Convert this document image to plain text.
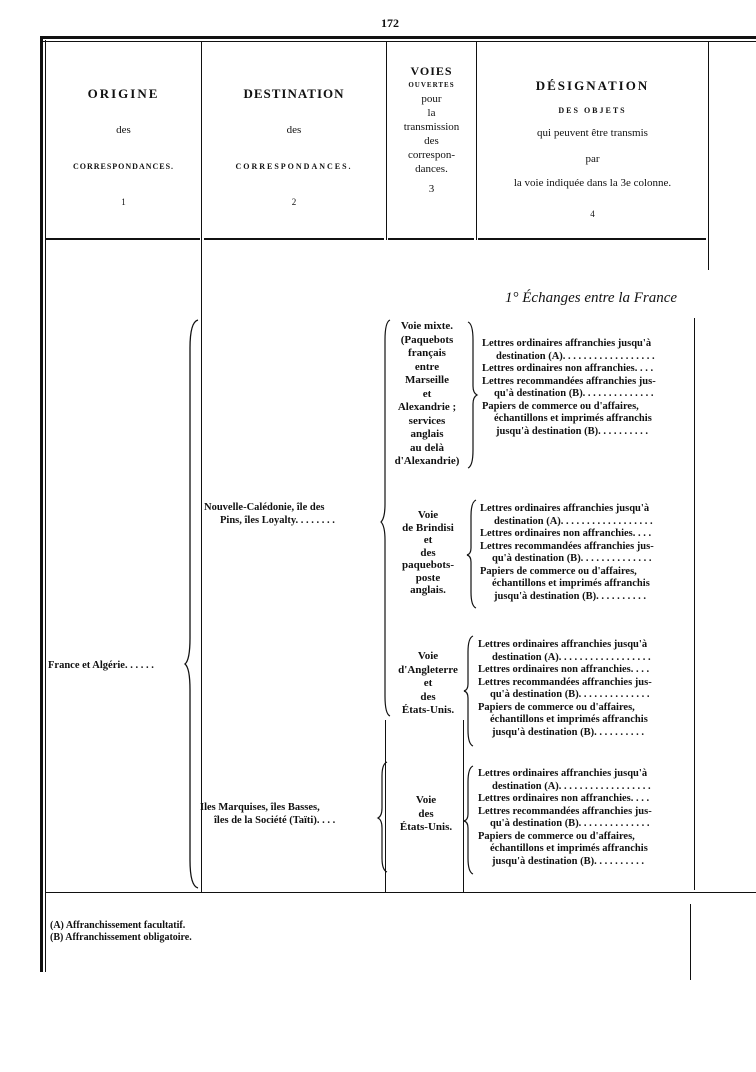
172
ORIGINE
des
CORRESPONDANCES.
1
DESTINATION
des
CORRESPONDANCES.
2
VOIES
OUVERTES
pour
la
transmission
des
correspon-
dances.
3
DÉSIGNATION
DES OBJETS
qui peuvent être transmis
par
la voie indiquée dans la 3e colonne.
4
1° Échanges entre la France
France et Algérie. . . . . .
Nouvelle-Calédonie, île des
Pins, îles Loyalty. . . . . . . .
Iles Marquises, îles Basses,
îles de la Société (Taïti). . . .
Voie mixte.
(Paquebots
français
entre
Marseille
et
Alexandrie ;
services
anglais
au delà
d'Alexandrie)
Voie
de Brindisi
et
des
paquebots-
poste
anglais.
Voie
d'Angleterre
et
des
États-Unis.
Voie
des
États-Unis.
Lettres ordinaires affranchies jusqu'à
destination (A). . . . . . . . . . . . . . . . . .
Lettres ordinaires non affranchies. . . .
Lettres recommandées affranchies jus-
qu'à destination (B). . . . . . . . . . . . . .
Papiers de commerce ou d'affaires,
échantillons et imprimés affranchis
jusqu'à destination (B). . . . . . . . . .
Lettres ordinaires affranchies jusqu'à
destination (A). . . . . . . . . . . . . . . . . .
Lettres ordinaires non affranchies. . . .
Lettres recommandées affranchies jus-
qu'à destination (B). . . . . . . . . . . . . .
Papiers de commerce ou d'affaires,
échantillons et imprimés affranchis
jusqu'à destination (B). . . . . . . . . .
Lettres ordinaires affranchies jusqu'à
destination (A). . . . . . . . . . . . . . . . . .
Lettres ordinaires non affranchies. . . .
Lettres recommandées affranchies jus-
qu'à destination (B). . . . . . . . . . . . . .
Papiers de commerce ou d'affaires,
échantillons et imprimés affranchis
jusqu'à destination (B). . . . . . . . . .
Lettres ordinaires affranchies jusqu'à
destination (A). . . . . . . . . . . . . . . . . .
Lettres ordinaires non affranchies. . . .
Lettres recommandées affranchies jus-
qu'à destination (B). . . . . . . . . . . . . .
Papiers de commerce ou d'affaires,
échantillons et imprimés affranchis
jusqu'à destination (B). . . . . . . . . .
(A) Affranchissement facultatif.
(B) Affranchissement obligatoire.
